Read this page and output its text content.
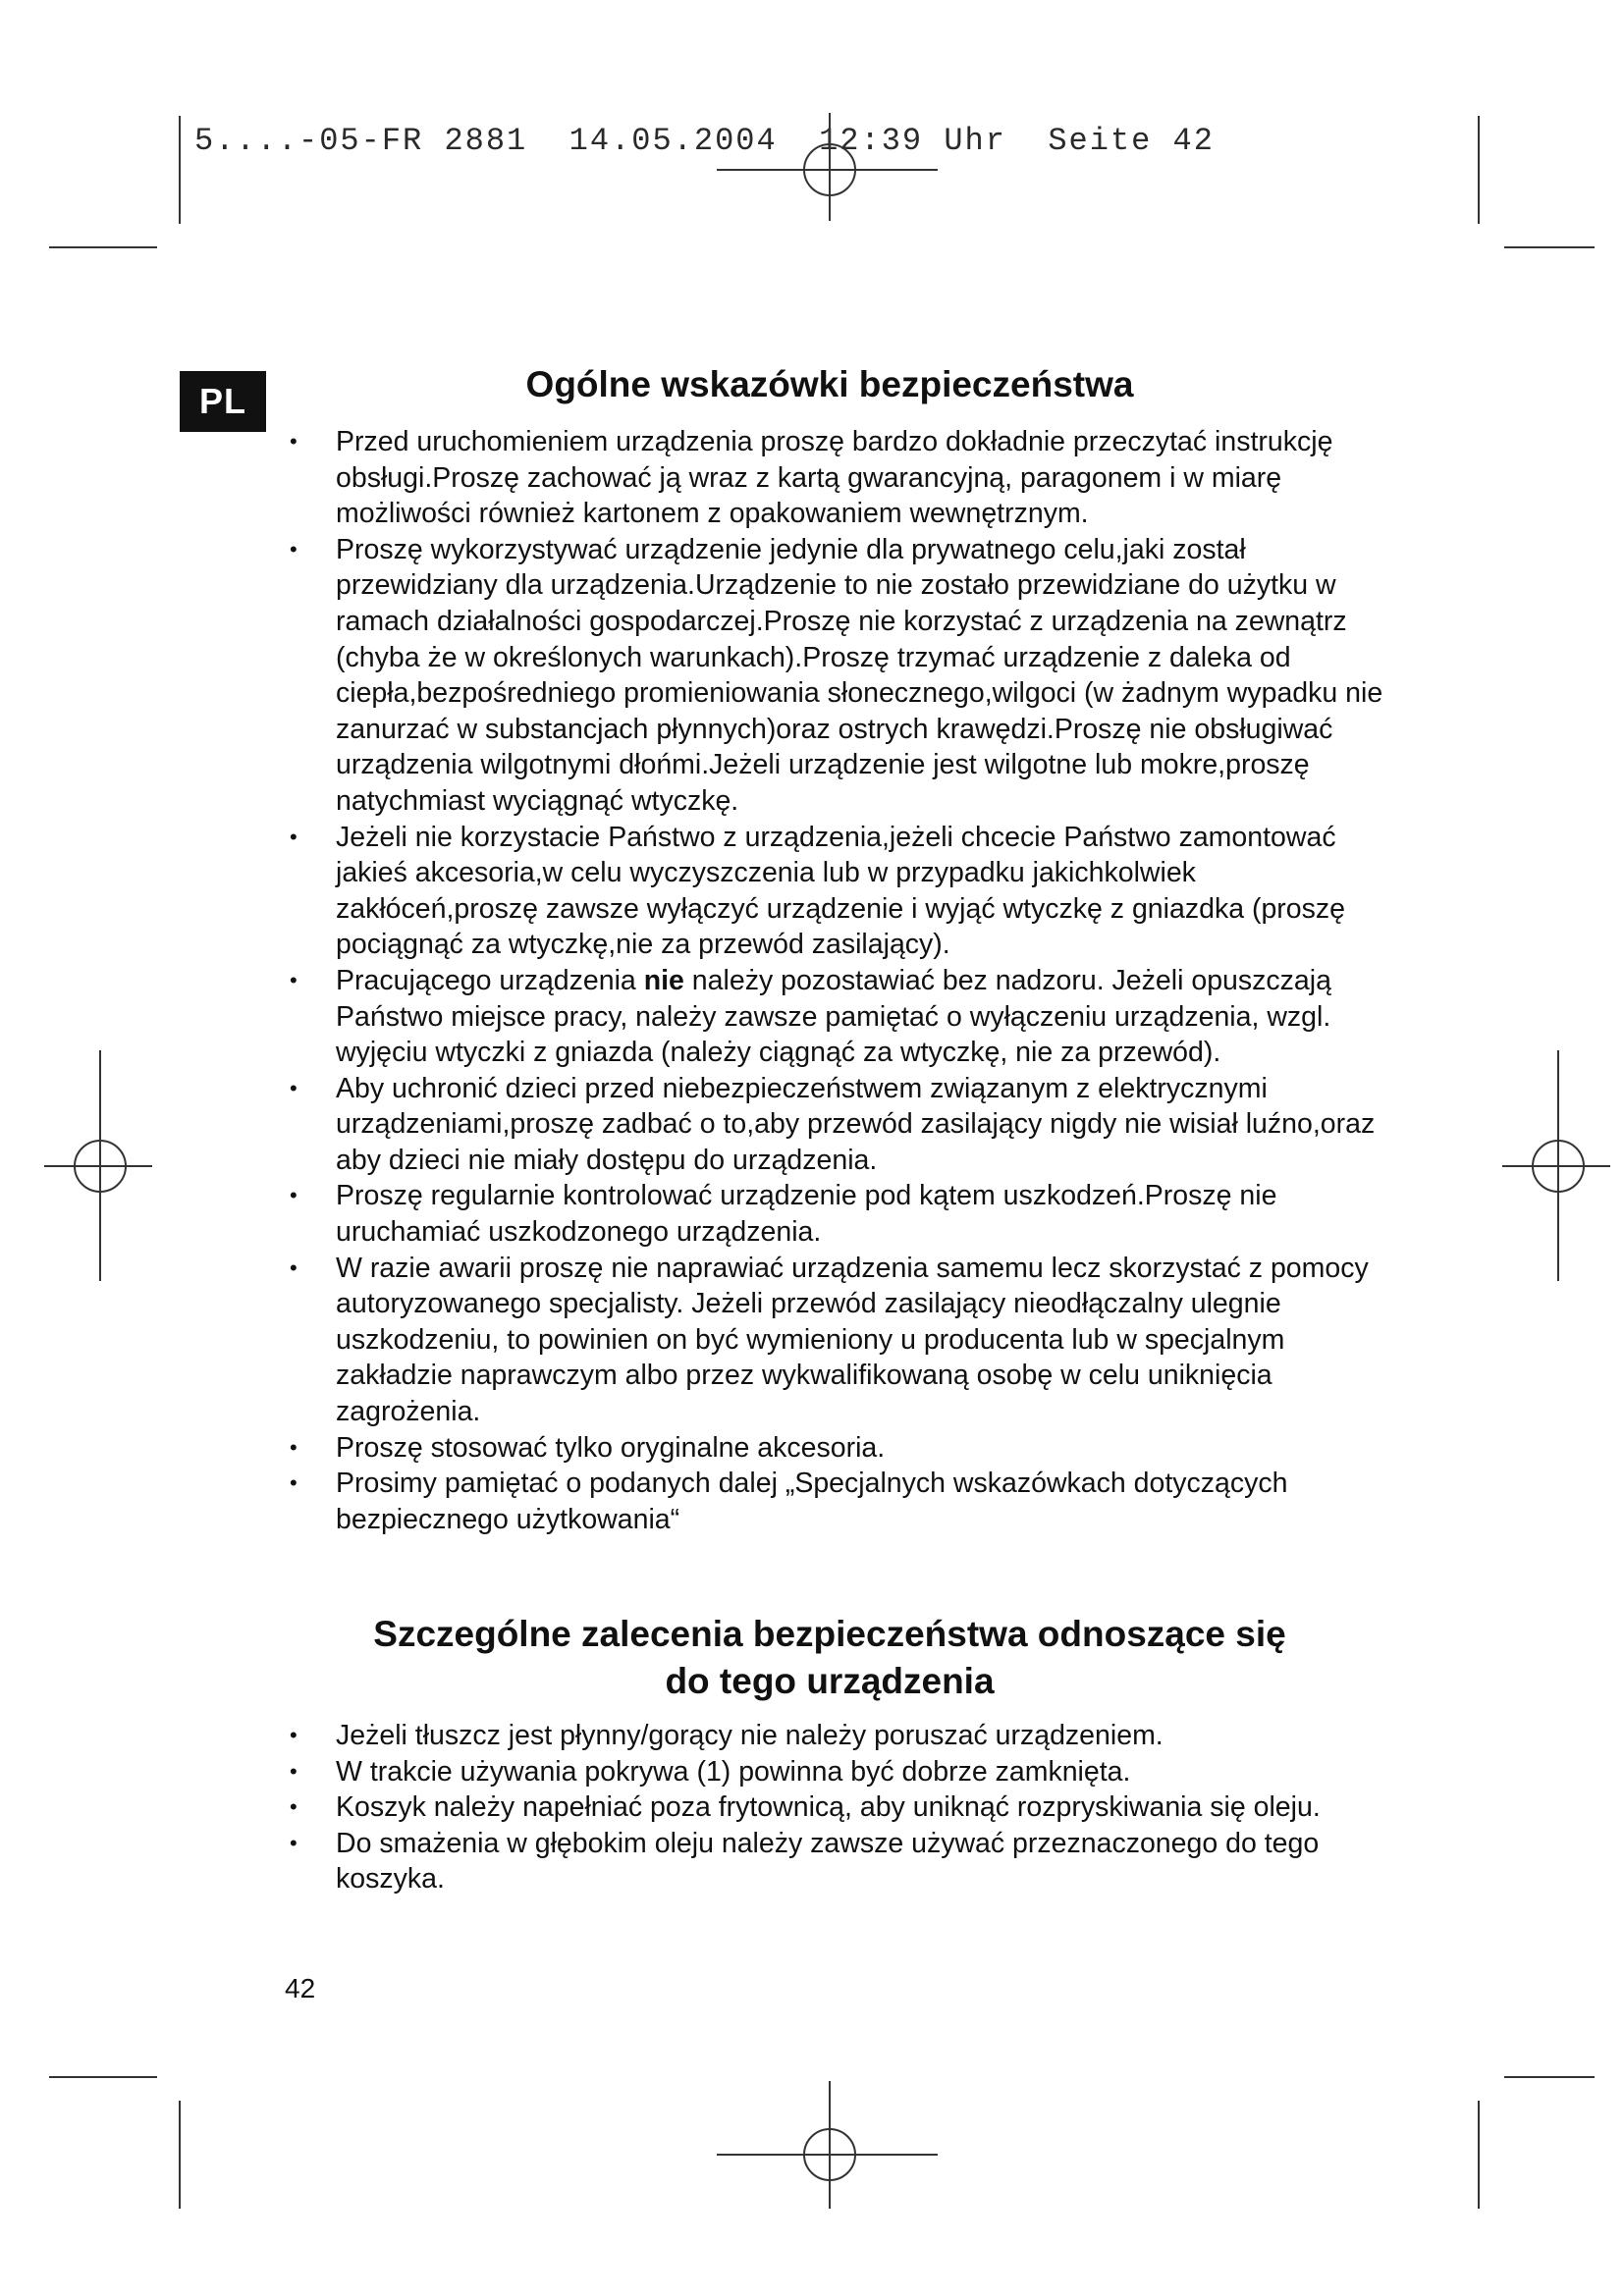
5....-05-FR 2881  14.05.2004  12:39 Uhr  Seite 42
PL	Ogólne wskazówki bezpieczeństwa
• Przed uruchomieniem urządzenia proszę bardzo dokładnie przeczytać instrukcję obsługi.Proszę zachować ją wraz z kartą gwarancyjną, paragonem i w miarę możliwości również kartonem z opakowaniem wewnętrznym.
• Proszę wykorzystywać urządzenie jedynie dla prywatnego celu,jaki został przewidziany dla urządzenia.Urządzenie to nie zostało przewidziane do użytku w ramach działalności gospodarczej.Proszę nie korzystać z urządzenia na zewnątrz (chyba że w określonych warunkach).Proszę trzymać urządzenie z daleka od ciepła,bezpośredniego promieniowania słonecznego,wilgoci (w żadnym wypadku nie zanurzać w substancjach płynnych)oraz ostrych krawędzi.Proszę nie obsługiwać urządzenia wilgotnymi dłońmi.Jeżeli urządzenie jest wilgotne lub mokre,proszę natychmiast wyciągnąć wtyczkę.
• Jeżeli nie korzystacie Państwo z urządzenia,jeżeli chcecie Państwo zamontować jakieś akcesoria,w celu wyczyszczenia lub w przypadku jakichkolwiek zakłóceń,proszę zawsze wyłączyć urządzenie i wyjąć wtyczkę z gniazdka (proszę pociągnąć za wtyczkę,nie za przewód zasilający).
• Pracującego urządzenia nie należy pozostawiać bez nadzoru. Jeżeli opuszczają Państwo miejsce pracy, należy zawsze pamiętać o wyłączeniu urządzenia, wzgl. wyjęciu wtyczki z gniazda (należy ciągnąć za wtyczkę, nie za przewód).
• Aby uchronić dzieci przed niebezpieczeństwem związanym z elektrycznymi urządzeniami,proszę zadbać o to,aby przewód zasilający nigdy nie wisiał luźno,oraz aby dzieci nie miały dostępu do urządzenia.
• Proszę regularnie kontrolować urządzenie pod kątem uszkodzeń.Proszę nie uruchamiać uszkodzonego urządzenia.
• W razie awarii proszę nie naprawiać urządzenia samemu lecz skorzystać z pomocy autoryzowanego specjalisty. Jeżeli przewód zasilający nieodłączalny ulegnie uszkodzeniu, to powinien on być wymieniony u producenta lub w specjalnym zakładzie naprawczym albo przez wykwalifikowaną osobę w celu uniknięcia zagrożenia.
• Proszę stosować tylko oryginalne akcesoria.
• Prosimy pamiętać o podanych dalej „Specjalnych wskazówkach dotyczących bezpiecznego użytkowania“
Szczególne zalecenia bezpieczeństwa odnoszące się
do tego urządzenia
• Jeżeli tłuszcz jest płynny/gorący nie należy poruszać urządzeniem.
• W trakcie używania pokrywa (1) powinna być dobrze zamknięta.
• Koszyk należy napełniać poza frytownicą, aby uniknąć rozpryskiwania się oleju.
• Do smażenia w głębokim oleju należy zawsze używać przeznaczonego do tego koszyka.
42
